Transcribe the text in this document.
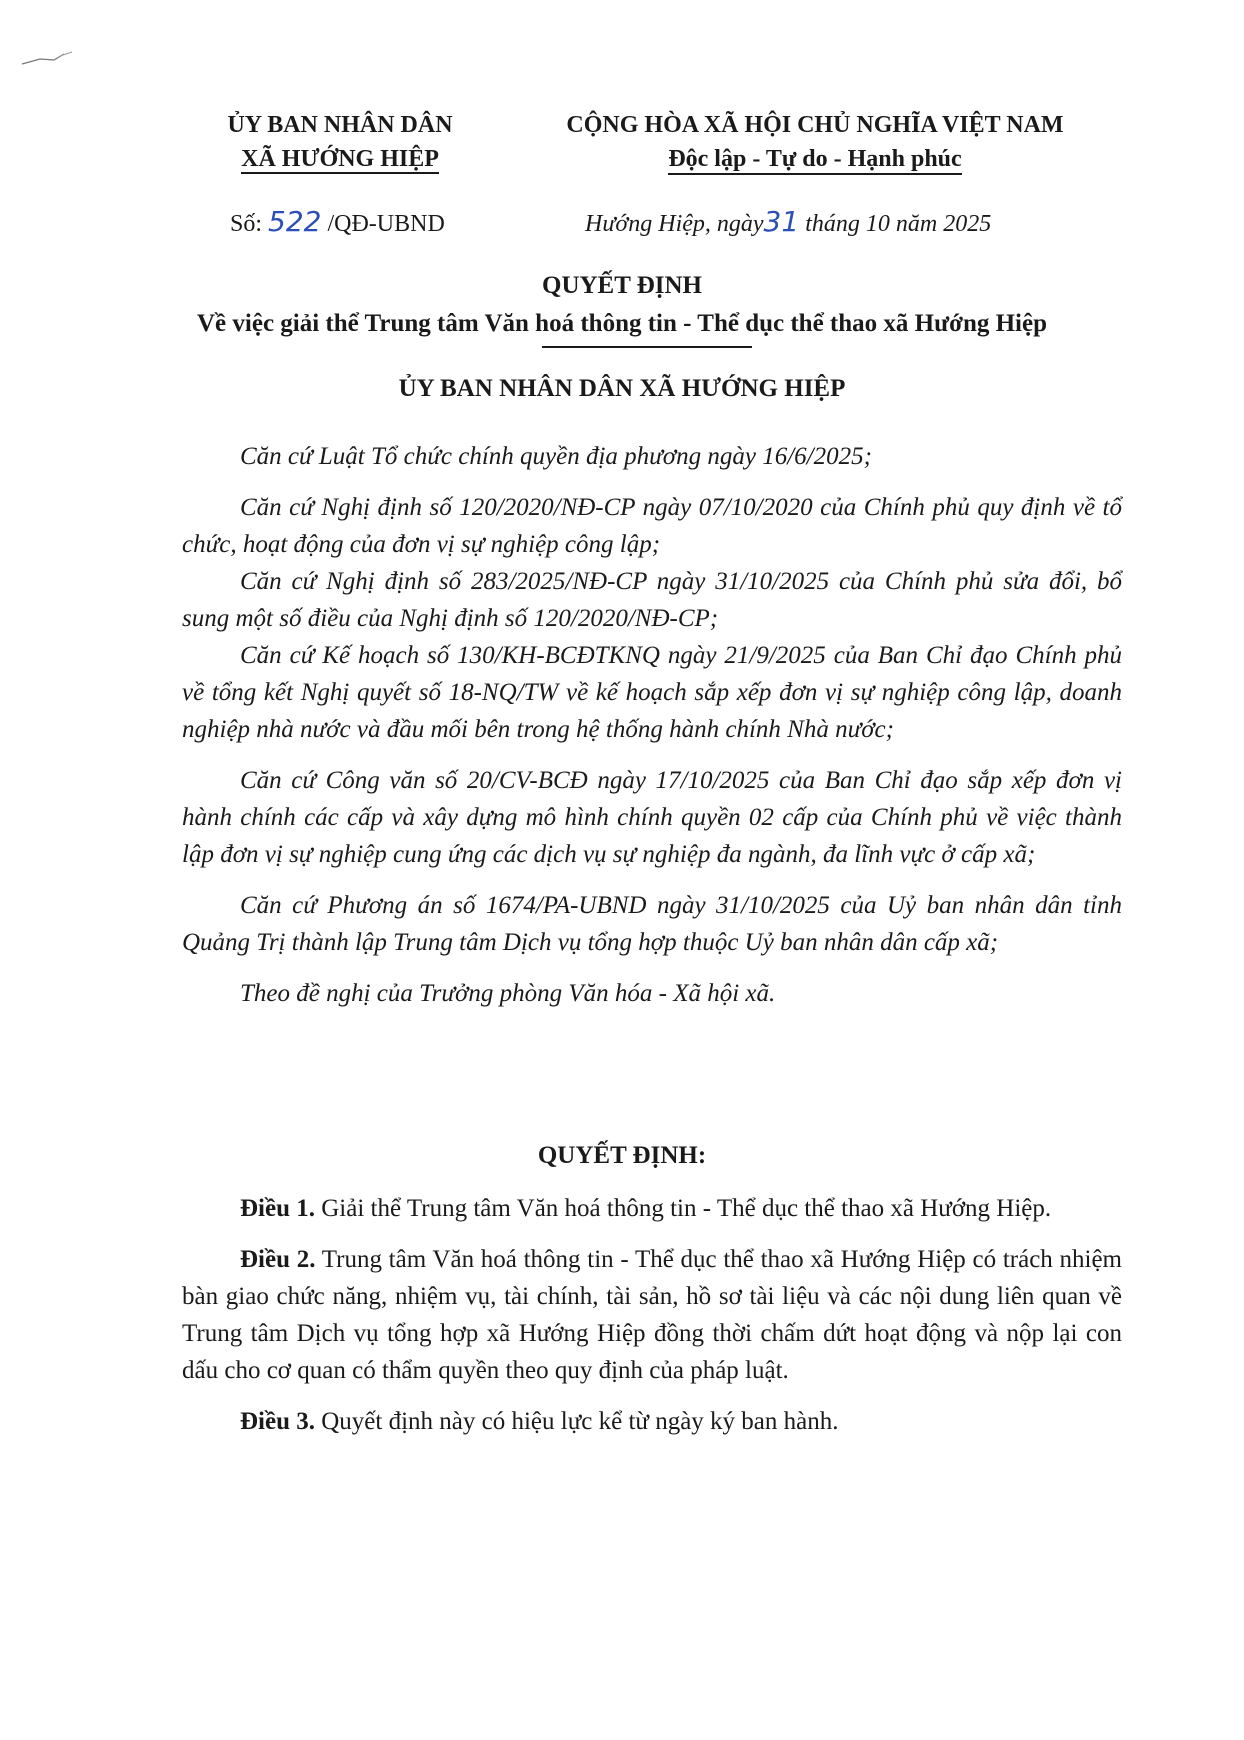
ỦY BAN NHÂN DÂN
XÃ HƯỚNG HIỆP
CỘNG HÒA XÃ HỘI CHỦ NGHĨA VIỆT NAM
Độc lập - Tự do - Hạnh phúc
Số: 522 /QĐ-UBND	Hướng Hiệp, ngày31 tháng 10 năm 2025
QUYẾT ĐỊNH
Về việc giải thể Trung tâm Văn hoá thông tin - Thể dục thể thao xã Hướng Hiệp
ỦY BAN NHÂN DÂN XÃ HƯỚNG HIỆP

Căn cứ Luật Tổ chức chính quyền địa phương ngày 16/6/2025;

Căn cứ Nghị định số 120/2020/NĐ-CP ngày 07/10/2020 của Chính phủ quy định về tổ chức, hoạt động của đơn vị sự nghiệp công lập;

Căn cứ Nghị định số 283/2025/NĐ-CP ngày 31/10/2025 của Chính phủ sửa đổi, bổ sung một số điều của Nghị định số 120/2020/NĐ-CP;

Căn cứ Kế hoạch số 130/KH-BCĐTKNQ ngày 21/9/2025 của Ban Chỉ đạo Chính phủ về tổng kết Nghị quyết số 18-NQ/TW về kế hoạch sắp xếp đơn vị sự nghiệp công lập, doanh nghiệp nhà nước và đầu mối bên trong hệ thống hành chính Nhà nước;

Căn cứ Công văn số 20/CV-BCĐ ngày 17/10/2025 của Ban Chỉ đạo sắp xếp đơn vị hành chính các cấp và xây dựng mô hình chính quyền 02 cấp của Chính phủ về việc thành lập đơn vị sự nghiệp cung ứng các dịch vụ sự nghiệp đa ngành, đa lĩnh vực ở cấp xã;

Căn cứ Phương án số 1674/PA-UBND ngày 31/10/2025 của Uỷ ban nhân dân tỉnh Quảng Trị thành lập Trung tâm Dịch vụ tổng hợp thuộc Uỷ ban nhân dân cấp xã;

Theo đề nghị của Trưởng phòng Văn hóa - Xã hội xã.

QUYẾT ĐỊNH:

Điều 1. Giải thể Trung tâm Văn hoá thông tin - Thể dục thể thao xã Hướng Hiệp.

Điều 2. Trung tâm Văn hoá thông tin - Thể dục thể thao xã Hướng Hiệp có trách nhiệm bàn giao chức năng, nhiệm vụ, tài chính, tài sản, hồ sơ tài liệu và các nội dung liên quan về Trung tâm Dịch vụ tổng hợp xã Hướng Hiệp đồng thời chấm dứt hoạt động và nộp lại con dấu cho cơ quan có thẩm quyền theo quy định của pháp luật.

Điều 3. Quyết định này có hiệu lực kể từ ngày ký ban hành.
